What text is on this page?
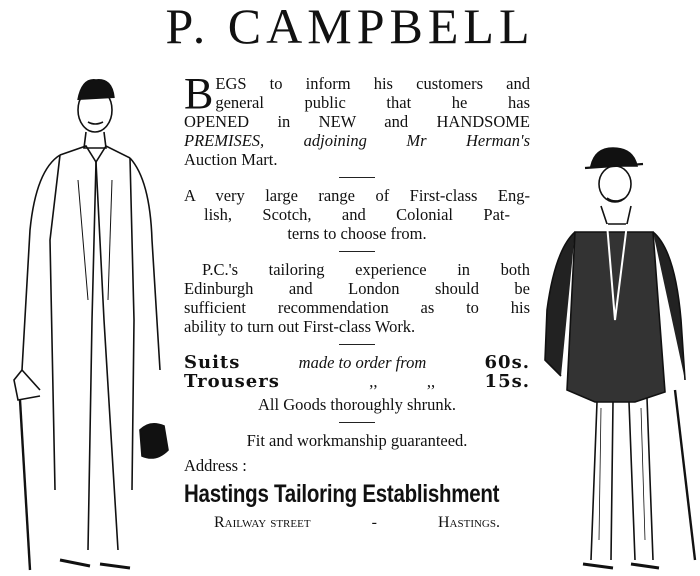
P. CAMPBELL
B EGS to inform his customers and
general public that he has
OPENED in NEW and HANDSOME
PREMISES, adjoining Mr Herman's
Auction Mart.
A very large range of First-class Eng-
lish, Scotch, and Colonial Pat-
terns to choose from.
P.C.'s tailoring experience in both
Edinburgh and London should be
sufficient recommendation as to his
ability to turn out First-class Work.
Suits	made to order from	60s.
Trousers	,,	,,	15s.
All Goods thoroughly shrunk.
Fit and workmanship guaranteed.
Address :
Hastings Tailoring Establishment
Railway street	-	Hastings.
